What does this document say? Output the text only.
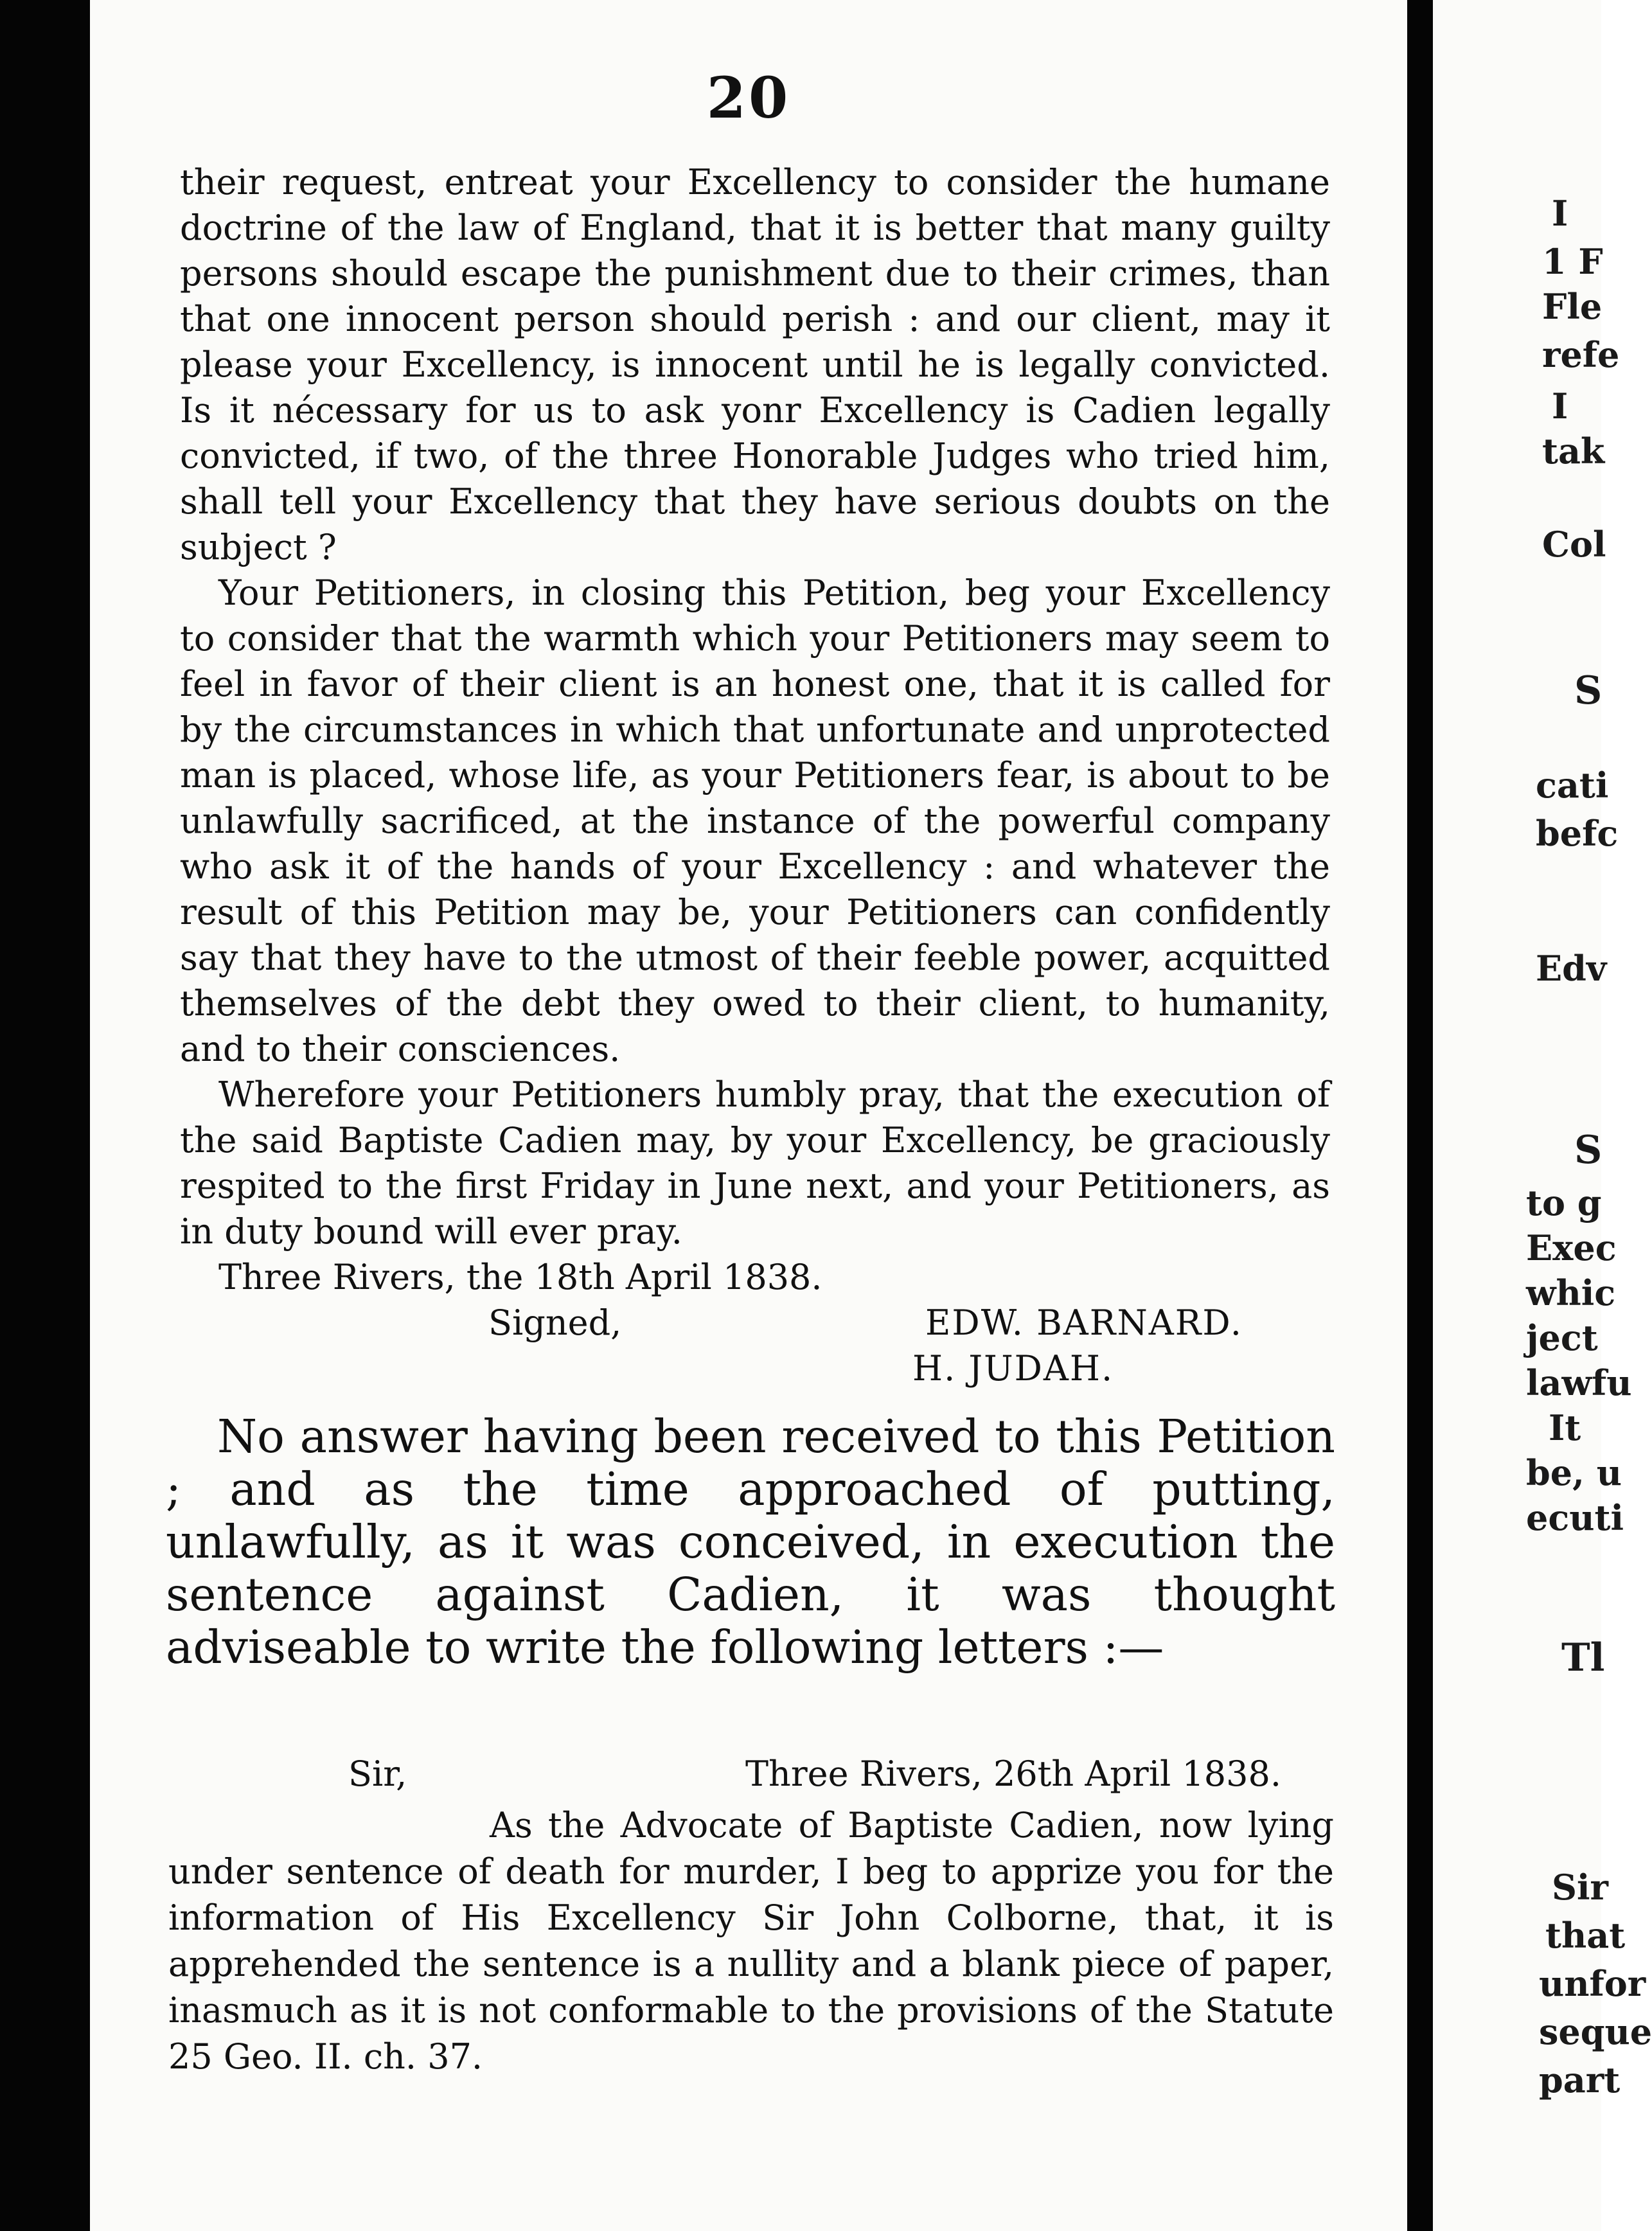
20

their request, entreat your Excellency to consider the humane doctrine of the law of England, that it is better that many guilty persons should escape the punishment due to their crimes, than that one innocent person should perish : and our client, may it please your Excellency, is innocent until he is legally convicted. Is it nécessary for us to ask yonr Excellency is Cadien legally convicted, if two, of the three Honorable Judges who tried him, shall tell your Excellency that they have serious doubts on the subject ?

Your Petitioners, in closing this Petition, beg your Excellency to consider that the warmth which your Petitioners may seem to feel in favor of their client is an honest one, that it is called for by the circumstances in which that unfortunate and unprotected man is placed, whose life, as your Petitioners fear, is about to be unlawfully sacrificed, at the instance of the powerful company who ask it of the hands of your Excellency : and whatever the result of this Petition may be, your Petitioners can confidently say that they have to the utmost of their feeble power, acquitted themselves of the debt they owed to their client, to humanity, and to their consciences.

Wherefore your Petitioners humbly pray, that the execution of the said Baptiste Cadien may, by your Excellency, be graciously respited to the first Friday in June next, and your Petitioners, as in duty bound will ever pray.

Three Rivers, the 18th April 1838.

Signed,	EDW. BARNARD.
H. JUDAH.

No answer having been received to this Petition ; and as the time approached of putting, unlawfully, as it was conceived, in execution the sentence against Cadien, it was thought adviseable to write the following letters :—

Sir,	Three Rivers, 26th April 1838.

As the Advocate of Baptiste Cadien, now lying under sentence of death for murder, I beg to apprize you for the information of His Excellency Sir John Colborne, that, it is apprehended the sentence is a nullity and a blank piece of paper, inasmuch as it is not conformable to the provisions of the Statute 25 Geo. II. ch. 37.

I
1 F
Fle
refe
I
tak
Col
S
cati
befc
Edv
S
to g
Exec
whic
ject
lawfu
It
be, u
ecuti
Tl
Sir
that
unfor
seque
part
